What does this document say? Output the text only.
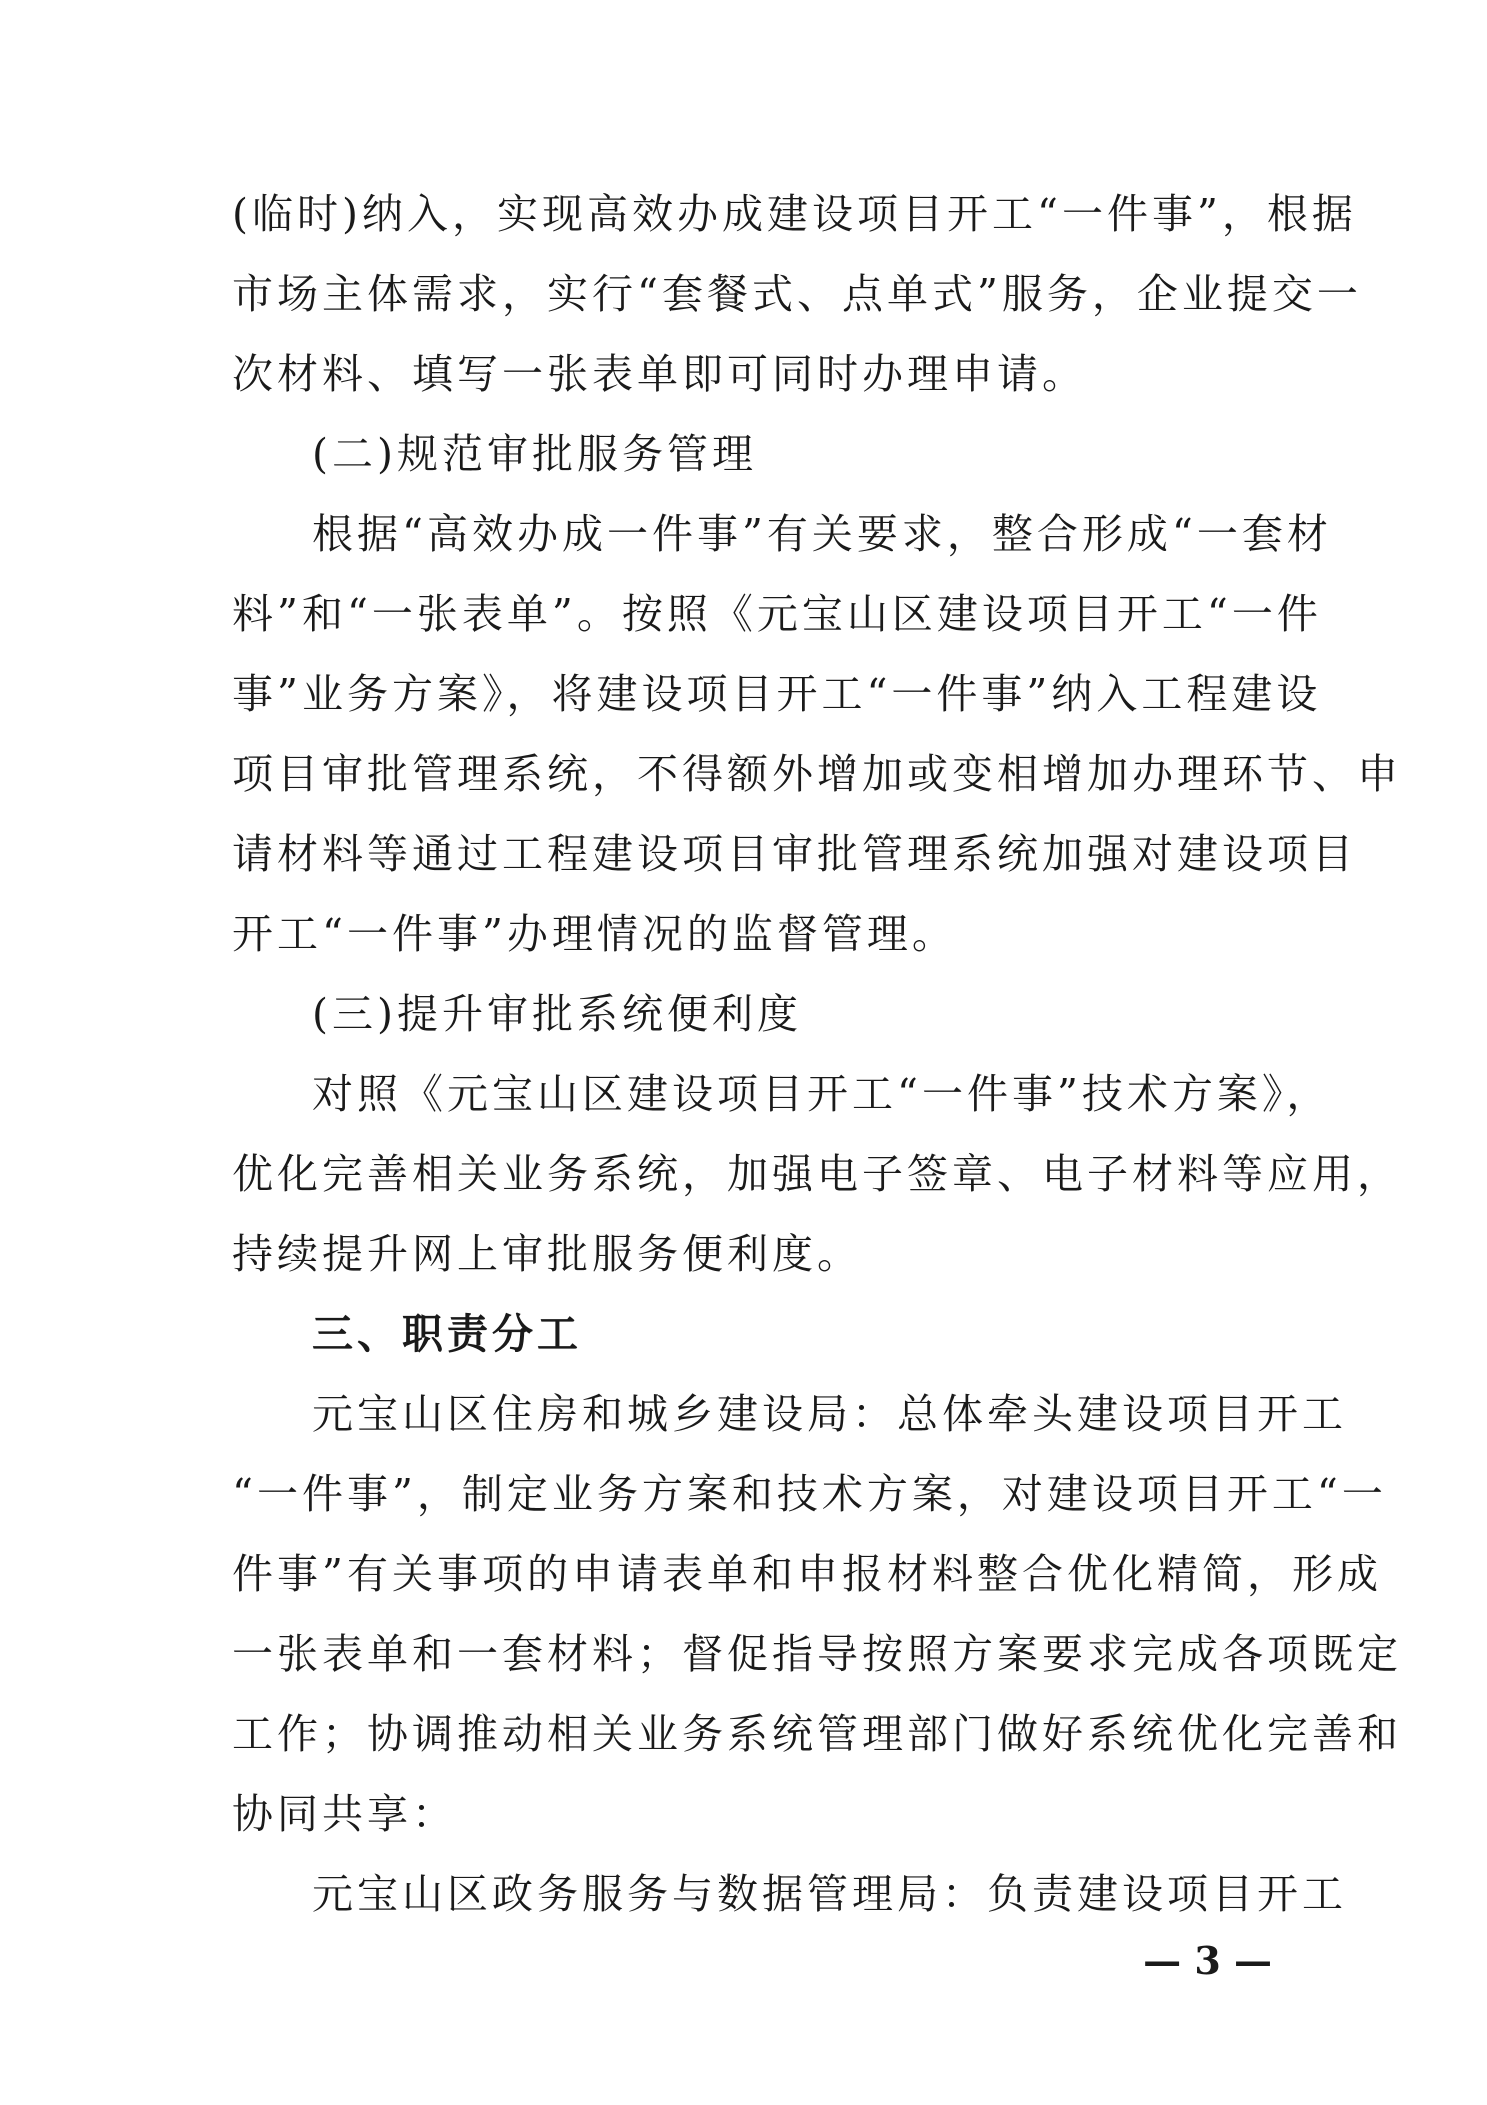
(临时)纳入，实现高效办成建设项目开工“一件事”，根据
市场主体需求，实行“套餐式、点单式”服务，企业提交一
次材料、填写一张表单即可同时办理申请。
(二)规范审批服务管理
根据“高效办成一件事”有关要求，整合形成“一套材
料”和“一张表单”。按照《元宝山区建设项目开工“一件
事”业务方案》，将建设项目开工“一件事”纳入工程建设
项目审批管理系统，不得额外增加或变相增加办理环节、申
请材料等通过工程建设项目审批管理系统加强对建设项目
开工“一件事”办理情况的监督管理。
(三)提升审批系统便利度
对照《元宝山区建设项目开工“一件事”技术方案》，
优化完善相关业务系统，加强电子签章、电子材料等应用，
持续提升网上审批服务便利度。
三、职责分工
元宝山区住房和城乡建设局：总体牵头建设项目开工
“一件事”，制定业务方案和技术方案，对建设项目开工“一
件事”有关事项的申请表单和申报材料整合优化精简，形成
一张表单和一套材料；督促指导按照方案要求完成各项既定
工作；协调推动相关业务系统管理部门做好系统优化完善和
协同共享：
元宝山区政务服务与数据管理局：负责建设项目开工
— 3 —
